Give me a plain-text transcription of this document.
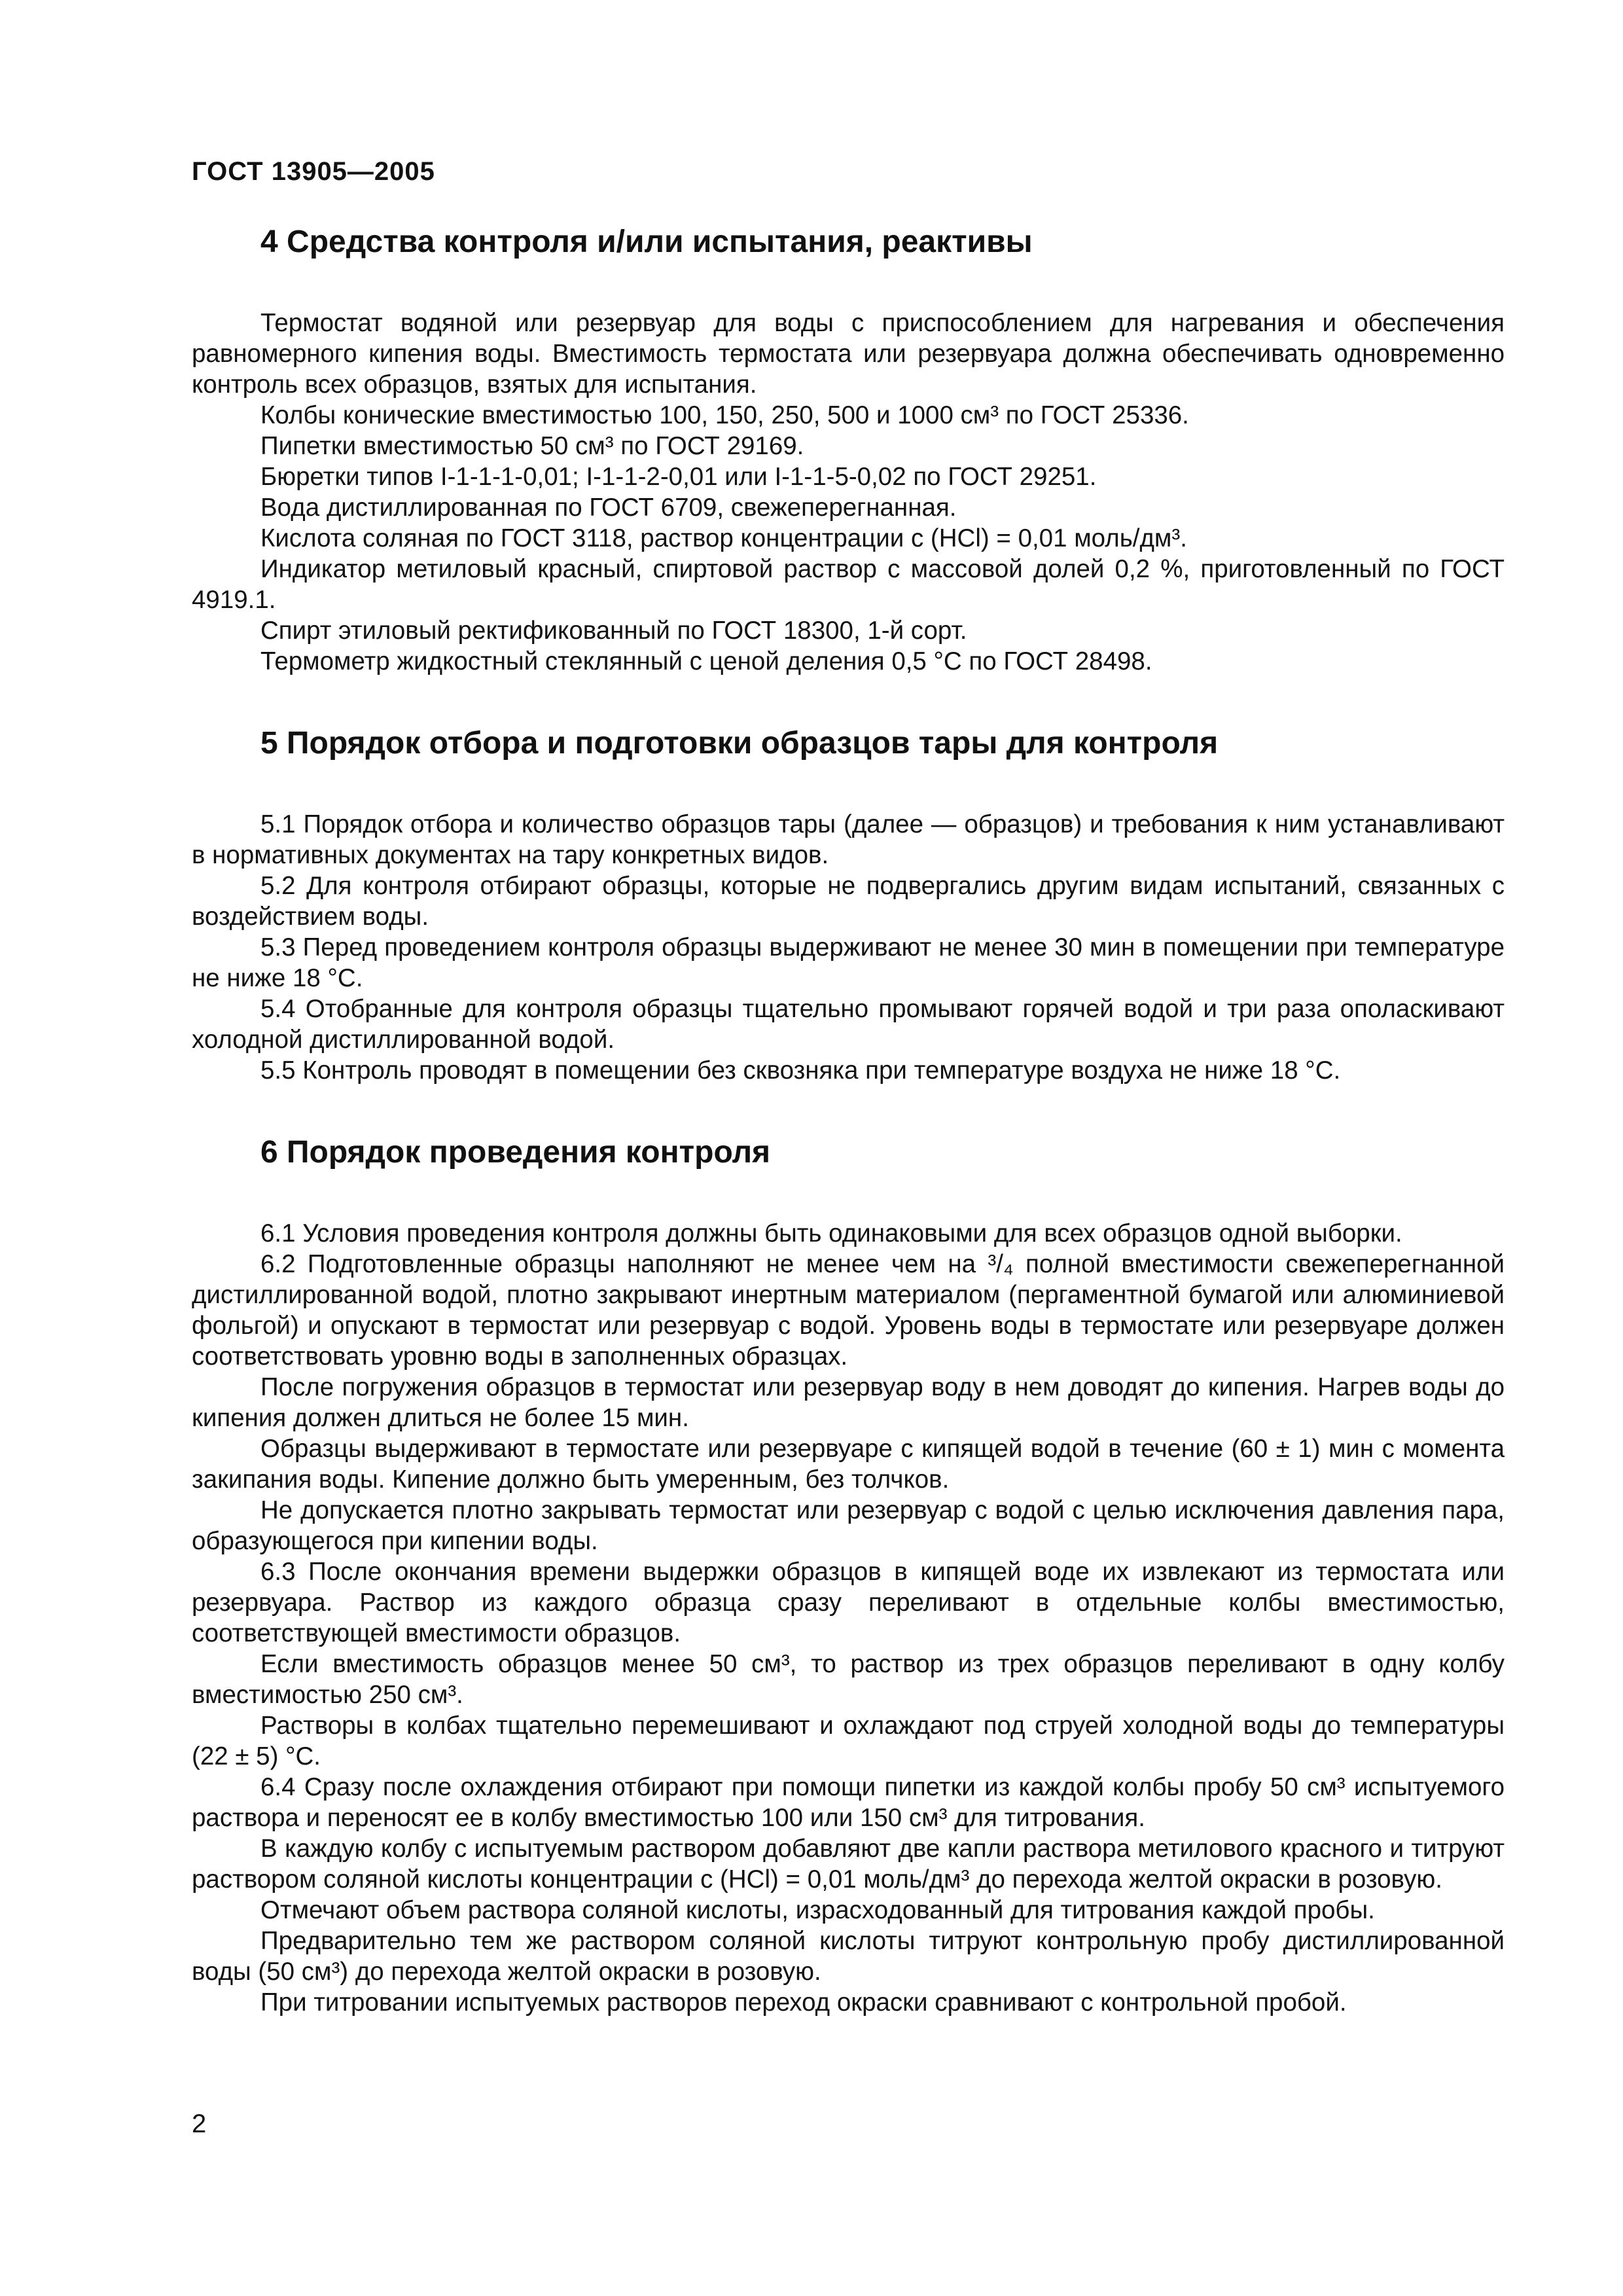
ГОСТ 13905—2005
4 Средства контроля и/или испытания, реактивы

Термостат водяной или резервуар для воды с приспособлением для нагревания и обеспечения равномерного кипения воды. Вместимость термостата или резервуара должна обеспечивать одновременно контроль всех образцов, взятых для испытания.

Колбы конические вместимостью 100, 150, 250, 500 и 1000 см³ по ГОСТ 25336.

Пипетки вместимостью 50 см³ по ГОСТ 29169.

Бюретки типов I-1-1-1-0,01; I-1-1-2-0,01 или I-1-1-5-0,02 по ГОСТ 29251.

Вода дистиллированная по ГОСТ 6709, свежеперегнанная.

Кислота соляная по ГОСТ 3118, раствор концентрации с (HCl) = 0,01 моль/дм³.

Индикатор метиловый красный, спиртовой раствор с массовой долей 0,2 %, приготовленный по ГОСТ 4919.1.

Спирт этиловый ректификованный по ГОСТ 18300, 1-й сорт.

Термометр жидкостный стеклянный с ценой деления 0,5 °С по ГОСТ 28498.

5 Порядок отбора и подготовки образцов тары для контроля

5.1 Порядок отбора и количество образцов тары (далее — образцов) и требования к ним устанавливают в нормативных документах на тару конкретных видов.

5.2 Для контроля отбирают образцы, которые не подвергались другим видам испытаний, связанных с воздействием воды.

5.3 Перед проведением контроля образцы выдерживают не менее 30 мин в помещении при температуре не ниже 18 °С.

5.4 Отобранные для контроля образцы тщательно промывают горячей водой и три раза ополаскивают холодной дистиллированной водой.

5.5 Контроль проводят в помещении без сквозняка при температуре воздуха не ниже 18 °С.

6 Порядок проведения контроля

6.1 Условия проведения контроля должны быть одинаковыми для всех образцов одной выборки.

6.2 Подготовленные образцы наполняют не менее чем на ³/₄ полной вместимости свежеперегнанной дистиллированной водой, плотно закрывают инертным материалом (пергаментной бумагой или алюминиевой фольгой) и опускают в термостат или резервуар с водой. Уровень воды в термостате или резервуаре должен соответствовать уровню воды в заполненных образцах.

После погружения образцов в термостат или резервуар воду в нем доводят до кипения. Нагрев воды до кипения должен длиться не более 15 мин.

Образцы выдерживают в термостате или резервуаре с кипящей водой в течение (60 ± 1) мин с момента закипания воды. Кипение должно быть умеренным, без толчков.

Не допускается плотно закрывать термостат или резервуар с водой с целью исключения давления пара, образующегося при кипении воды.

6.3 После окончания времени выдержки образцов в кипящей воде их извлекают из термостата или резервуара. Раствор из каждого образца сразу переливают в отдельные колбы вместимостью, соответствующей вместимости образцов.

Если вместимость образцов менее 50 см³, то раствор из трех образцов переливают в одну колбу вместимостью 250 см³.

Растворы в колбах тщательно перемешивают и охлаждают под струей холодной воды до температуры (22 ± 5) °С.

6.4 Сразу после охлаждения отбирают при помощи пипетки из каждой колбы пробу 50 см³ испытуемого раствора и переносят ее в колбу вместимостью 100 или 150 см³ для титрования.

В каждую колбу с испытуемым раствором добавляют две капли раствора метилового красного и титруют раствором соляной кислоты концентрации с (HCl) = 0,01 моль/дм³ до перехода желтой окраски в розовую.

Отмечают объем раствора соляной кислоты, израсходованный для титрования каждой пробы.

Предварительно тем же раствором соляной кислоты титруют контрольную пробу дистиллированной воды (50 см³) до перехода желтой окраски в розовую.

При титровании испытуемых растворов переход окраски сравнивают с контрольной пробой.

2
